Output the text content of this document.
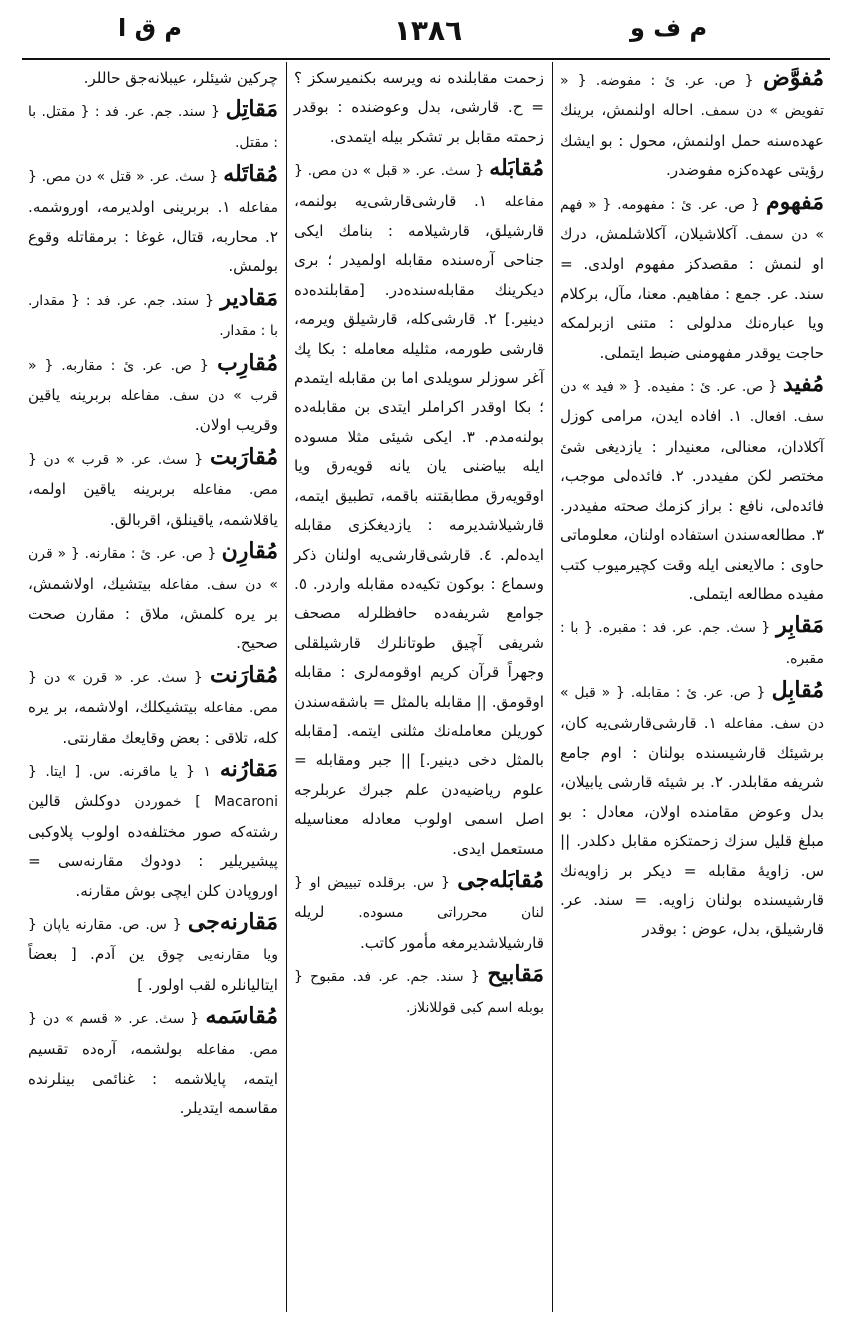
م ق ا	١٣٨٦	م ف و
مُفوَّض { ص. عر. ئ : مفوضه. { « تفويض » دن سمف. احاله اولنمش، برينك عهده‌سنه حمل اولنمش، محول : بو ايشك رؤيتى عهده‌كزه مفوضدر.
مَفهوم { ص. عر. ئ : مفهومه. { « فهم » دن سمف. آكلاشيلان، آكلاشلمش، درك او لنمش : مقصدكز مفهوم اولدى. = سند. عر. جمع : مفاهيم. معنا، مآل، بركلام ويا عباره‌نك مدلولى : متنى ازبرلمكه حاجت يوقدر مفهومنى ضبط ايتملى.
مُفيد { ص. عر. ئ : مفيده. { « فيد » دن سف. افعال. ١. افاده ايدن، مرامى كوزل آكلادان، معنالى، معنيدار : يازديغى شئ مختصر لكن مفيددر. ٢. فائده‌لى موجب، فائده‌لى، نافع : براز كزمك صحته مفيددر. ٣. مطالعه‌سندن استفاده اولنان، معلوماتى حاوى : مالايعنى ايله وقت كچيرميوب كتب مفيده مطالعه ايتملى.
مَقابِر { سث. جم. عر. فد : مقبره. { با : مقبره.
مُقابِل { ص. عر. ئ : مقابله. { « قبل » دن سف. مفاعله ١. قارشى‌قارشى‌يه كان، برشيئك قارشيسنده بولنان : اوم جامع شريفه مقابلدر. ٢. بر شيئه قارشى يابيلان، بدل وعوض مقامنده اولان، معادل : بو مبلغ قليل سزك زحمتكزه مقابل دكلدر. || س. زاويهٔ مقابله = ديكر بر زاويه‌نك قارشيسنده بولنان زاويه. = سند. عر. قارشيلق، بدل، عوض : بوقدر
زحمت مقابلنده نه ويرسه بكنميرسكز ؟ = ح. قارشى، بدل وعوضنده : بوقدر زحمته مقابل بر تشكر بيله ايتمدى.
مُقابَله { سث. عر. « قبل » دن مص. { مفاعله ١. قارشى‌قارشى‌يه بولنمه، قارشيلق، قارشيلامه : بنامك ايكى جناحى آرەسنده مقابله اولميدر ؛ برى ديكرينك مقابله‌سنده‌در. [مقابلنده‌ده دينير.] ٢. قارشى‌كله، قارشيلق ويرمه، قارشى طورمه، مثليله معامله : بكا پك آغر سوزلر سويلدى اما بن مقابله ايتمدم ؛ بكا اوقدر اكراملر ايتدى بن مقابله‌ده بولنه‌مدم. ٣. ايكى شيئى مثلا مسوده ايله بياضنى يان يانه قويه‌رق ويا اوقويه‌رق مطابقتنه باقمه، تطبيق ايتمه، قارشيلاشديرمه : يازديغكزى مقابله ايده‌لم. ٤. قارشى‌قارشى‌يه اولنان ذكر وسماع : بوكون تكيه‌ده مقابله واردر. ٥. جوامع شريفه‌ده حافظلرله مصحف شريفى آچيق طوتانلرك قارشيلقلى وجهراً قرآن كريم اوقومه‌لرى : مقابله اوقومق. || مقابله بالمثل = باشقه‌سندن كوريلن معامله‌نك مثلنى ايتمه. [مقابله بالمثل دخى دينير.] || جبر ومقابله = علوم رياضيه‌دن علم جبرك عربلرجه اصل اسمى اولوب معادله معناسيله مستعمل ايدى.
مُقابَله‌جى { س. برقلده تبييض او { لنان محرراتى مسوده. لريله قارشيلاشديرمغه مأمور كاتب.
مَقابيح { سند. جم. عر. فد. مقبوح { بوبله اسم كبى قوللانلاز.
چركين شيئلر، عيبلانه‌جق حاللر.
مَقاتِل { سند. جم. عر. فد : { مقتل. با : مقتل.
مُقاتَله { سث. عر. « قتل » دن مص. { مفاعله ١. بربرينى اولديرمه، اوروشمه. ٢. محاربه، قتال، غوغا : برمقاتله وقوع بولمش.
مَقادير { سند. جم. عر. فد : { مقدار. با : مقدار.
مُقارِب { ص. عر. ئ : مقاربه. { « قرب » دن سف. مفاعله بربرينه ياقين وقريب اولان.
مُقارَبت { سث. عر. « قرب » دن { مص. مفاعله بربرينه ياقين اولمه، ياقلاشمه، ياقينلق، اقربالق.
مُقارِن { ص. عر. ئ : مقارنه. { « قرن » دن سف. مفاعله بيتشيك، اولاشمش، بر يره كلمش، ملاق : مقارن صحت صحيح.
مُقارَنت { سث. عر. « قرن » دن { مص. مفاعله بيتشيكلك، اولاشمه، بر يره كله، تلاقى : بعض وقايعك مقارنتى.
مَقارُنه ١ { يا ماقرنه. س. [ ايتا. { Macaroni ] خموردن دوكلش قالين رشته‌كه صور مختلفه‌ده اولوب پلاوكبى پيشيريلير : دودوك مقارنه‌سى = اوروپادن كلن ايچى بوش مقارنه.
مَقارنه‌جى { س. ص. مقارنه ياپان { ويا مقارنه‌يى چوق ين آدم. [ بعضاً ايتاليانلره لقب اولور. ]
مُقاسَمه { سث. عر. « قسم » دن { مص. مفاعله بولشمه، آره‌ده تقسيم ايتمه، پايلاشمه : غنائمى بينلرنده مقاسمه ايتديلر.
